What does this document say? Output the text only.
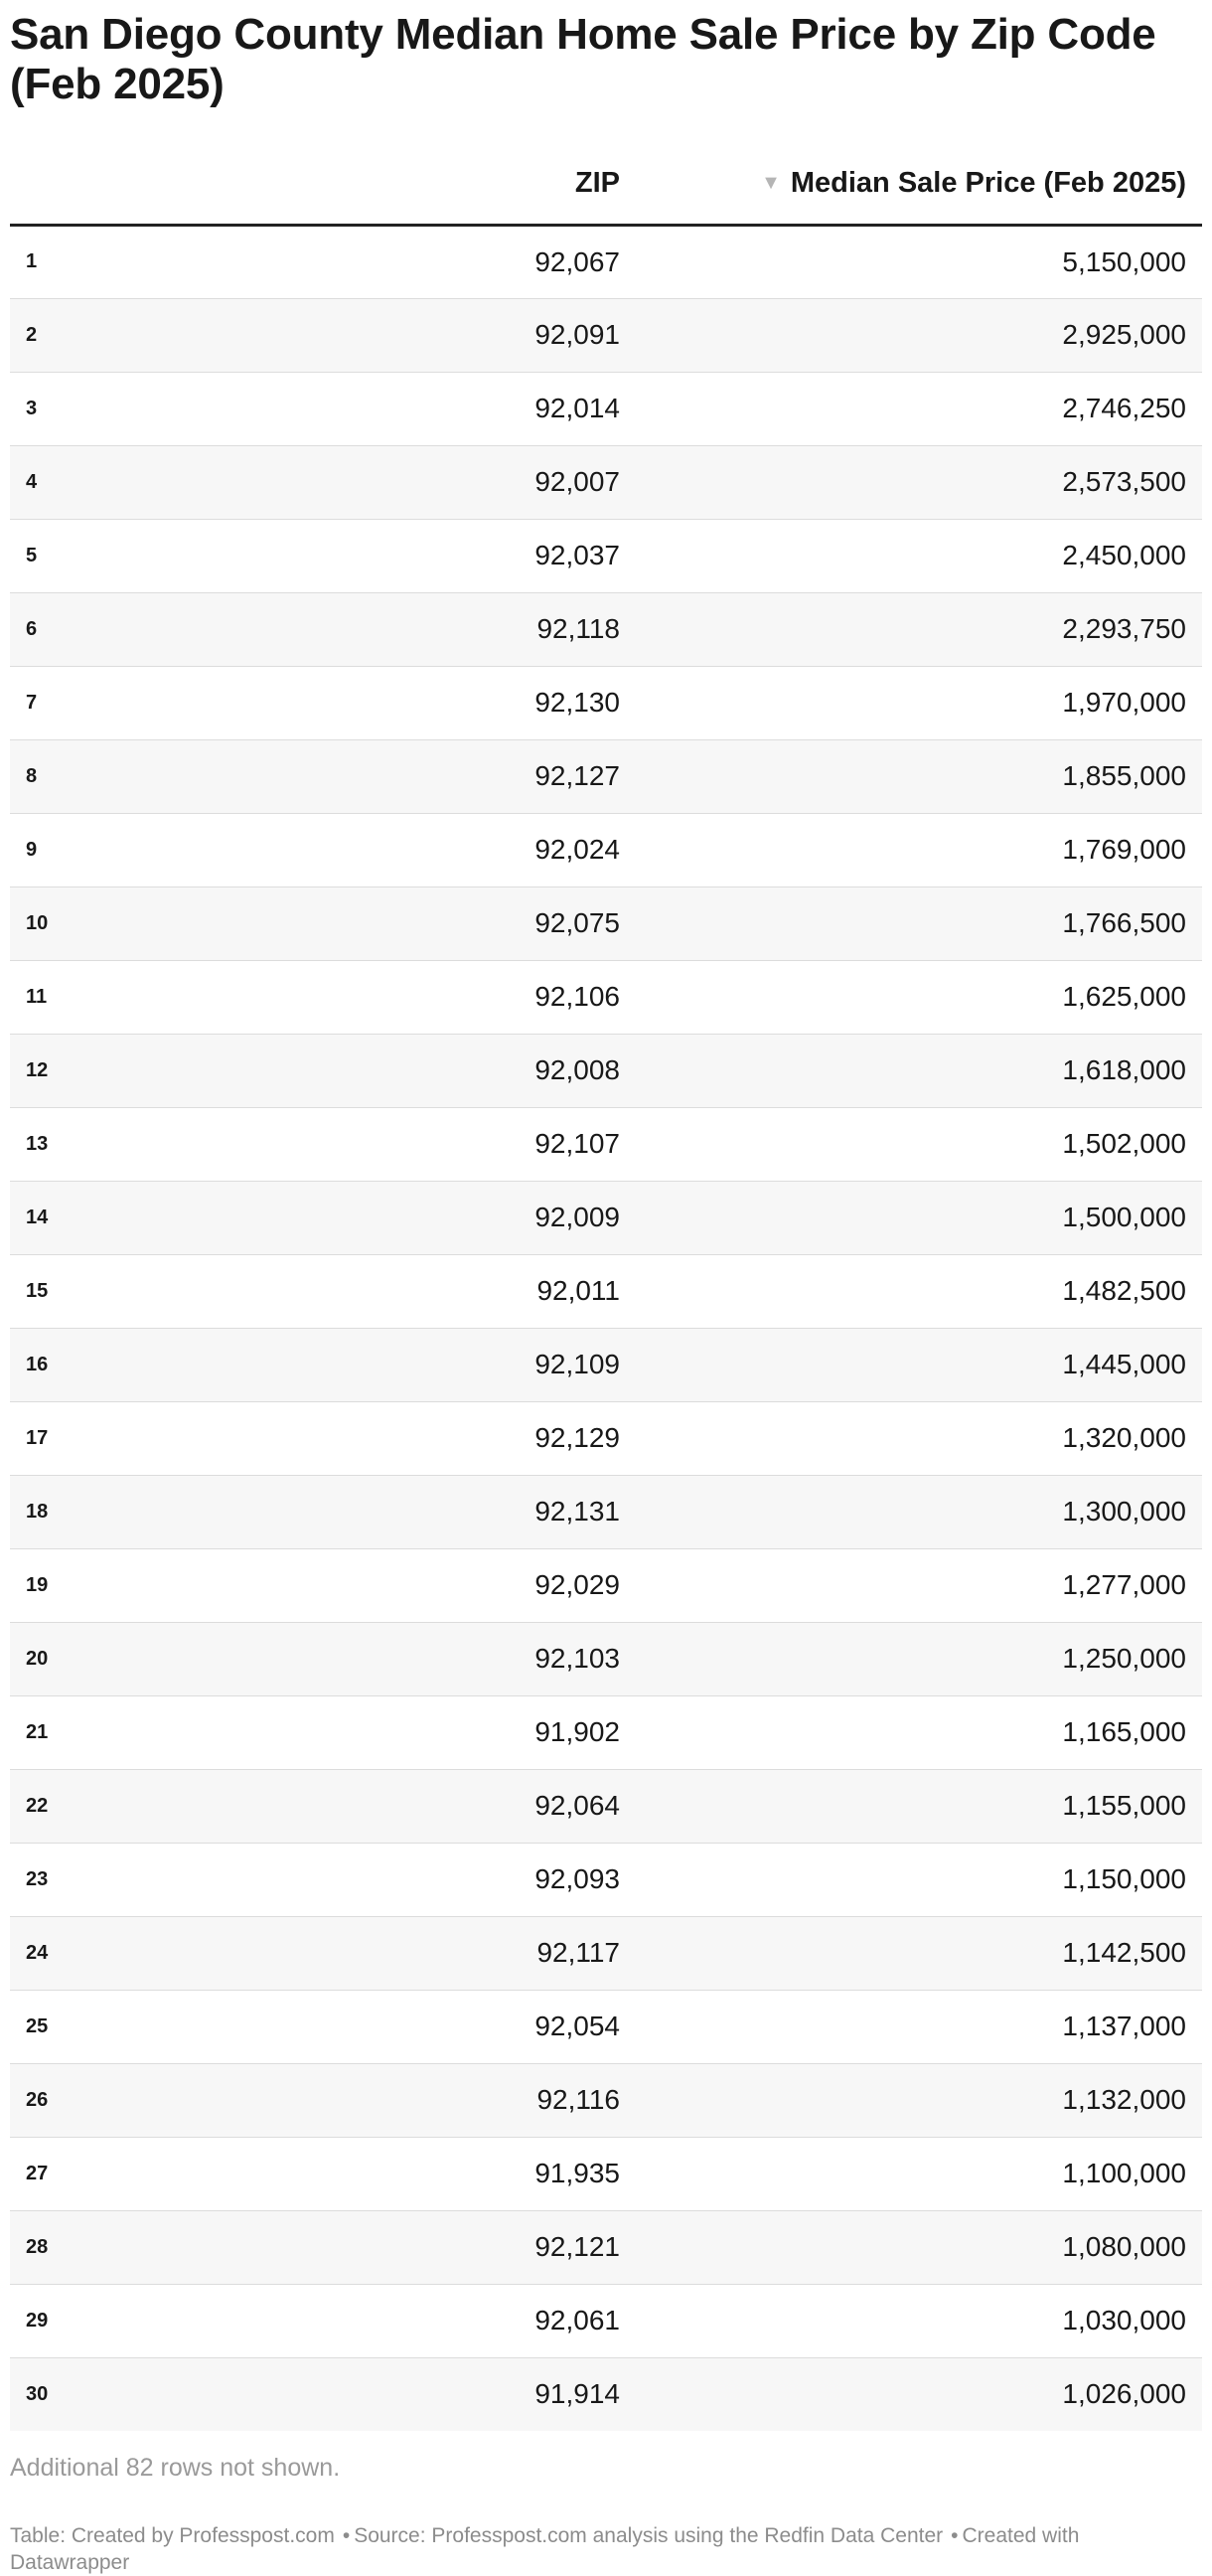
San Diego County Median Home Sale Price by Zip Code (Feb 2025)
	ZIP	▼ Median Sale Price (Feb 2025)
1	92,067	5,150,000
2	92,091	2,925,000
3	92,014	2,746,250
4	92,007	2,573,500
5	92,037	2,450,000
6	92,118	2,293,750
7	92,130	1,970,000
8	92,127	1,855,000
9	92,024	1,769,000
10	92,075	1,766,500
11	92,106	1,625,000
12	92,008	1,618,000
13	92,107	1,502,000
14	92,009	1,500,000
15	92,011	1,482,500
16	92,109	1,445,000
17	92,129	1,320,000
18	92,131	1,300,000
19	92,029	1,277,000
20	92,103	1,250,000
21	91,902	1,165,000
22	92,064	1,155,000
23	92,093	1,150,000
24	92,117	1,142,500
25	92,054	1,137,000
26	92,116	1,132,000
27	91,935	1,100,000
28	92,121	1,080,000
29	92,061	1,030,000
30	91,914	1,026,000

Additional 82 rows not shown.

Table: Created by Professpost.com • Source: Professpost.com analysis using the Redfin Data Center • Created with Datawrapper
